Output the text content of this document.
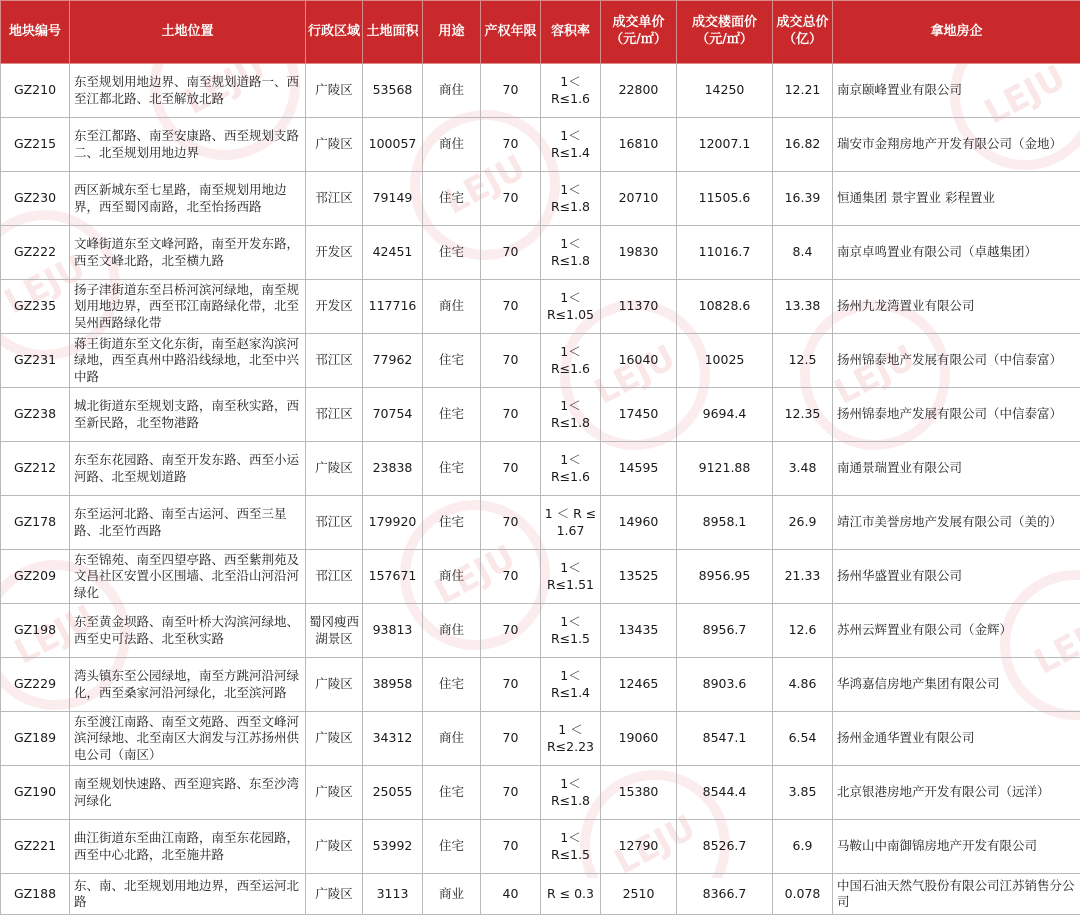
LEJU
LEJU
LEJU
LEJU
LEJU
LEJU
LEJU
LEJU
LEJU
LEJU
地块编号	土地位置	行政区域	土地面积	用途	产权年限	容积率	成交单价（元/㎡）	成交楼面价（元/㎡）	成交总价（亿）	拿地房企
GZ210	东至规划用地边界、南至规划道路一、西至江都北路、北至解放北路	广陵区	53568	商住	70	1＜R≤1.6	22800	14250	12.21	南京颐峰置业有限公司
GZ215	东至江都路、南至安康路、西至规划支路二、北至规划用地边界	广陵区	100057	商住	70	1＜R≤1.4	16810	12007.1	16.82	瑞安市金翔房地产开发有限公司（金地）
GZ230	西区新城东至七星路，南至规划用地边界，西至蜀冈南路，北至怡扬西路	邗江区	79149	住宅	70	1＜R≤1.8	20710	11505.6	16.39	恒通集团 景宇置业 彩程置业
GZ222	文峰街道东至文峰河路，南至开发东路，西至文峰北路，北至横九路	开发区	42451	住宅	70	1＜R≤1.8	19830	11016.7	8.4	南京卓鸣置业有限公司（卓越集团）
GZ235	扬子津街道东至吕桥河滨河绿地，南至规划用地边界，西至邗江南路绿化带，北至吴州西路绿化带	开发区	117716	商住	70	1＜R≤1.05	11370	10828.6	13.38	扬州九龙湾置业有限公司
GZ231	蒋王街道东至文化东街，南至赵家沟滨河绿地，西至真州中路沿线绿地，北至中兴中路	邗江区	77962	住宅	70	1＜R≤1.6	16040	10025	12.5	扬州锦泰地产发展有限公司（中信泰富）
GZ238	城北街道东至规划支路，南至秋实路，西至新民路，北至物港路	邗江区	70754	住宅	70	1＜R≤1.8	17450	9694.4	12.35	扬州锦泰地产发展有限公司（中信泰富）
GZ212	东至东花园路、南至开发东路、西至小运河路、北至规划道路	广陵区	23838	住宅	70	1＜R≤1.6	14595	9121.88	3.48	南通景瑞置业有限公司
GZ178	东至运河北路、南至古运河、西至三星路、北至竹西路	邗江区	179920	住宅	70	1 ＜ R ≤ 1.67	14960	8958.1	26.9	靖江市美誉房地产发展有限公司（美的）
GZ209	东至锦苑、南至四望亭路、西至紫荆苑及文昌社区安置小区围墙、北至沿山河沿河绿化	邗江区	157671	商住	70	1＜R≤1.51	13525	8956.95	21.33	扬州华盛置业有限公司
GZ198	东至黄金坝路、南至叶桥大沟滨河绿地、西至史可法路、北至秋实路	蜀冈瘦西湖景区	93813	商住	70	1＜R≤1.5	13435	8956.7	12.6	苏州云辉置业有限公司（金辉）
GZ229	湾头镇东至公园绿地，南至方跳河沿河绿化，西至桑家河沿河绿化，北至滨河路	广陵区	38958	住宅	70	1＜R≤1.4	12465	8903.6	4.86	华鸿嘉信房地产集团有限公司
GZ189	东至渡江南路、南至文苑路、西至文峰河滨河绿地、北至南区大润发与江苏扬州供电公司（南区）	广陵区	34312	商住	70	1 ＜ R≤2.23	19060	8547.1	6.54	扬州金通华置业有限公司
GZ190	南至规划快速路、西至迎宾路、东至沙湾河绿化	广陵区	25055	住宅	70	1＜R≤1.8	15380	8544.4	3.85	北京银港房地产开发有限公司（远洋）
GZ221	曲江街道东至曲江南路，南至东花园路，西至中心北路，北至施井路	广陵区	53992	住宅	70	1＜R≤1.5	12790	8526.7	6.9	马鞍山中南御锦房地产开发有限公司
GZ188	东、南、北至规划用地边界，西至运河北路	广陵区	3113	商业	40	R ≤ 0.3	2510	8366.7	0.078	中国石油天然气股份有限公司江苏销售分公司
